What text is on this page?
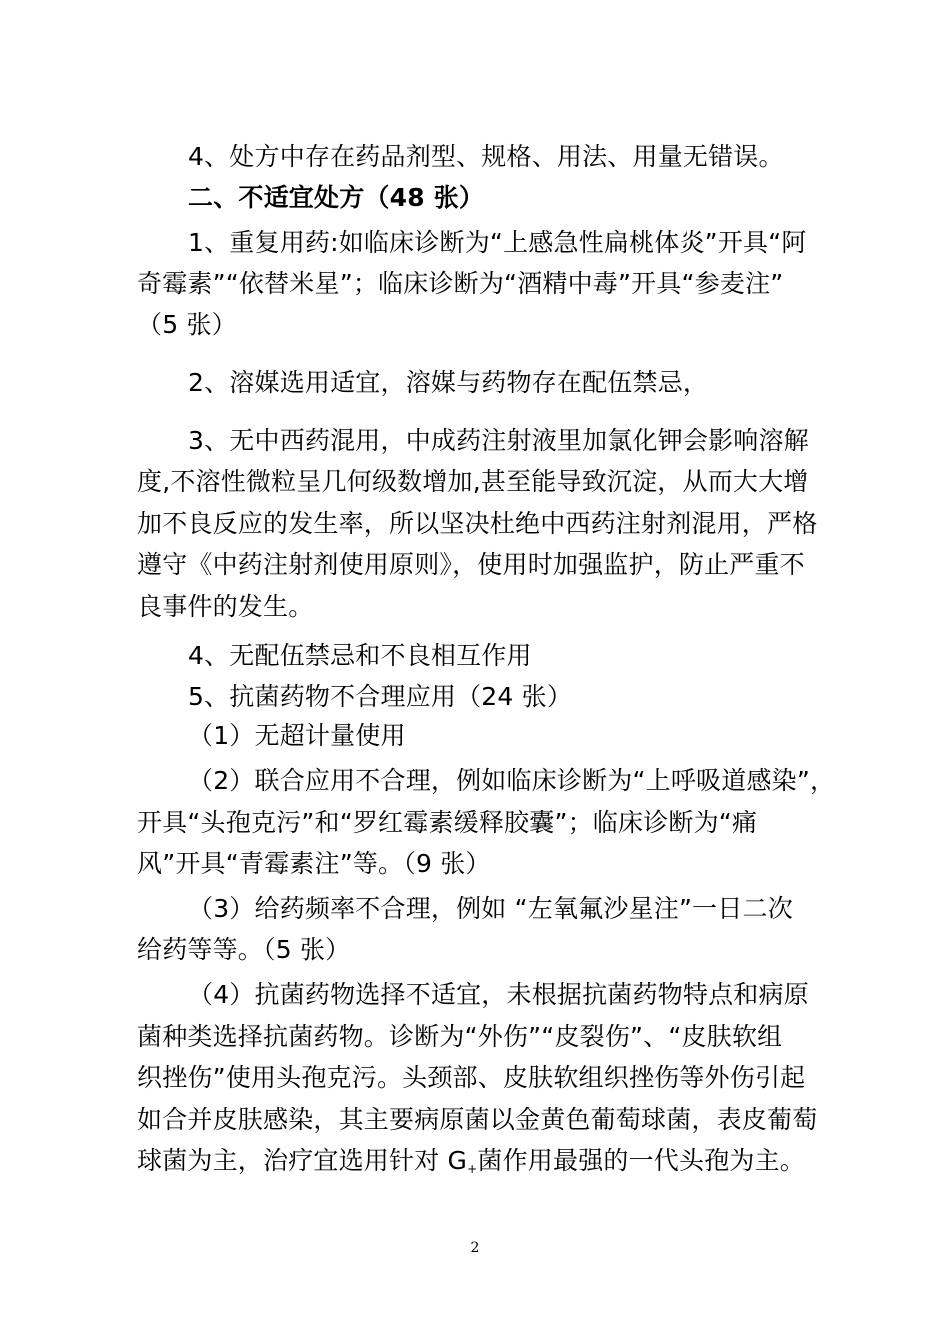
4、处方中存在药品剂型、规格、用法、用量无错误。
二、不适宜处方（48 张）
1、重复用药:如临床诊断为“上感急性扁桃体炎”开具“阿
奇霉素”“依替米星”；临床诊断为“酒精中毒”开具“参麦注”
（5 张）
2、溶媒选用适宜，溶媒与药物存在配伍禁忌，
3、无中西药混用，中成药注射液里加氯化钾会影响溶解
度,不溶性微粒呈几何级数增加,甚至能导致沉淀，从而大大增
加不良反应的发生率，所以坚决杜绝中西药注射剂混用，严格
遵守《中药注射剂使用原则》，使用时加强监护，防止严重不
良事件的发生。
4、无配伍禁忌和不良相互作用
5、抗菌药物不合理应用（24 张）
（1）无超计量使用
（2）联合应用不合理，例如临床诊断为“上呼吸道感染”，
开具“头孢克污”和“罗红霉素缓释胶囊”；临床诊断为“痛
风”开具“青霉素注”等。（9 张）
（3）给药频率不合理，例如 “左氧氟沙星注”一日二次
给药等等。（5 张）
（4）抗菌药物选择不适宜，未根据抗菌药物特点和病原
菌种类选择抗菌药物。诊断为“外伤”“皮裂伤”、“皮肤软组
织挫伤”使用头孢克污。头颈部、皮肤软组织挫伤等外伤引起
如合并皮肤感染，其主要病原菌以金黄色葡萄球菌，表皮葡萄
球菌为主，治疗宜选用针对 $G_+$菌作用最强的一代头孢为主。
2
